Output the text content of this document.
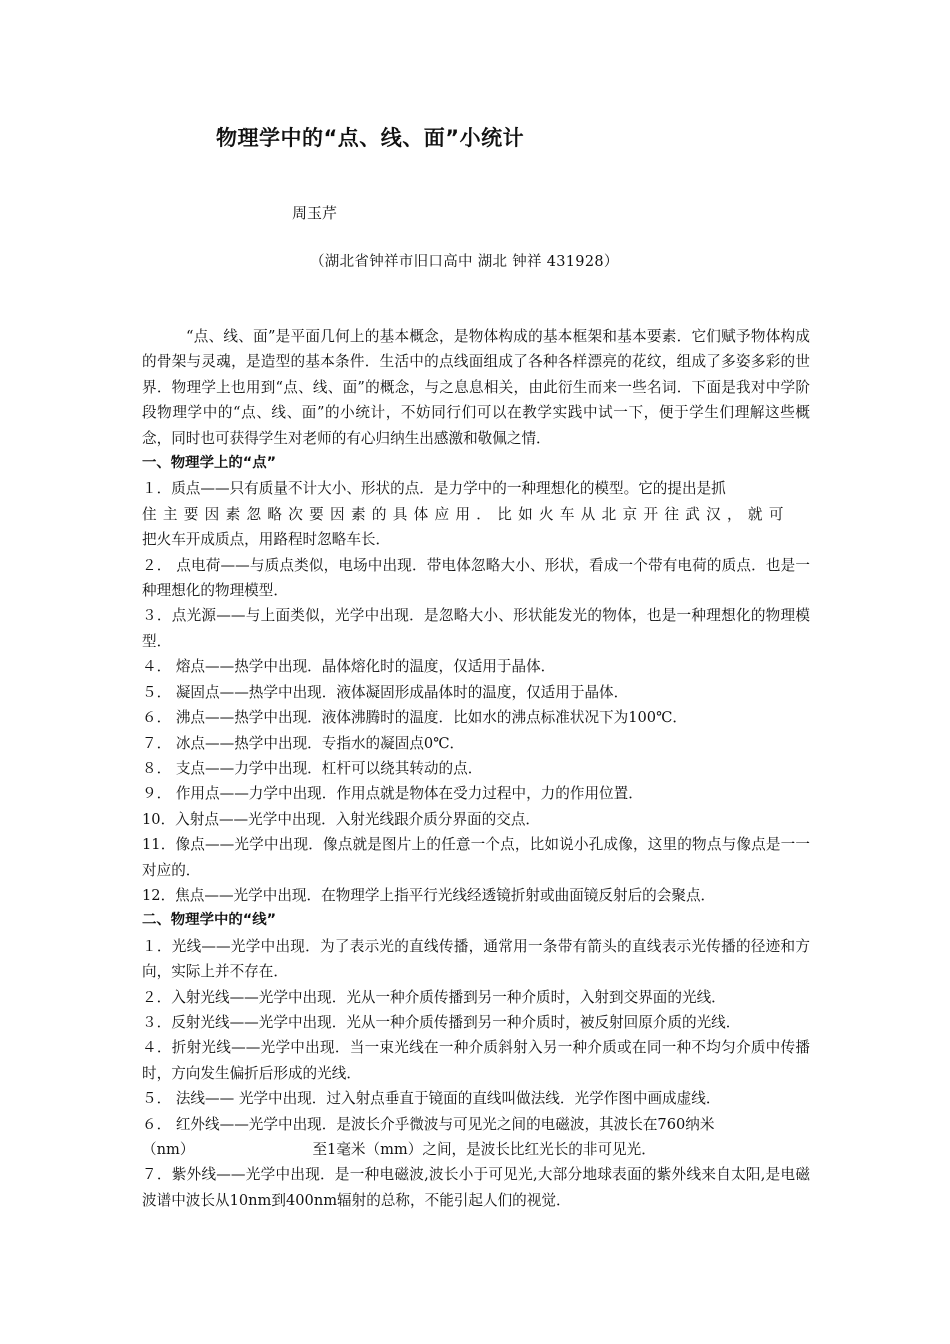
物理学中的“点、线、面”小统计
周玉芹
（湖北省钟祥市旧口高中 湖北 钟祥 431928）

“点、线、面”是平面几何上的基本概念，是物体构成的基本框架和基本要素．它们赋予物体构成的骨架与灵魂，是造型的基本条件．生活中的点线面组成了各种各样漂亮的花纹，组成了多姿多彩的世界．物理学上也用到“点、线、面”的概念，与之息息相关，由此衍生而来一些名词．下面是我对中学阶段物理学中的“点、线、面”的小统计，不妨同行们可以在教学实践中试一下，便于学生们理解这些概念，同时也可获得学生对老师的有心归纳生出感激和敬佩之情．

一、物理学上的“点”

１．质点——只有质量不计大小、形状的点．是力学中的一种理想化的模型。它的提出是抓

住主要因素忽略次要因素的具体应用．比如火车从北京开往武汉，就可

把火车开成质点，用路程时忽略车长．

２． 点电荷——与质点类似，电场中出现．带电体忽略大小、形状，看成一个带有电荷的质点．也是一种理想化的物理模型．

３．点光源——与上面类似，光学中出现．是忽略大小、形状能发光的物体，也是一种理想化的物理模型．

４． 熔点——热学中出现．晶体熔化时的温度，仅适用于晶体．

５． 凝固点——热学中出现．液体凝固形成晶体时的温度，仅适用于晶体．

６． 沸点——热学中出现．液体沸腾时的温度．比如水的沸点标准状况下为100℃．

７． 冰点——热学中出现．专指水的凝固点0℃．

８． 支点——力学中出现．杠杆可以绕其转动的点．

９． 作用点——力学中出现．作用点就是物体在受力过程中，力的作用位置．

10．入射点——光学中出现．入射光线跟介质分界面的交点．

11．像点——光学中出现．像点就是图片上的任意一个点，比如说小孔成像，这里的物点与像点是一一对应的．

12．焦点——光学中出现．在物理学上指平行光线经透镜折射或曲面镜反射后的会聚点．

二、物理学中的“线”

１．光线——光学中出现．为了表示光的直线传播，通常用一条带有箭头的直线表示光传播的径迹和方向，实际上并不存在．

２．入射光线——光学中出现．光从一种介质传播到另一种介质时，入射到交界面的光线．

３．反射光线——光学中出现．光从一种介质传播到另一种介质时，被反射回原介质的光线．

４．折射光线——光学中出现．当一束光线在一种介质斜射入另一种介质或在同一种不均匀介质中传播时，方向发生偏折后形成的光线．

５． 法线—— 光学中出现．过入射点垂直于镜面的直线叫做法线．光学作图中画成虚线．

６． 红外线——光学中出现．是波长介乎微波与可见光之间的电磁波，其波长在760纳米

（nm）	至1毫米（mm）之间，是波长比红光长的非可见光．

７．紫外线——光学中出现．是一种电磁波,波长小于可见光,大部分地球表面的紫外线来自太阳,是电磁波谱中波长从10nm到400nm辐射的总称，不能引起人们的视觉．
